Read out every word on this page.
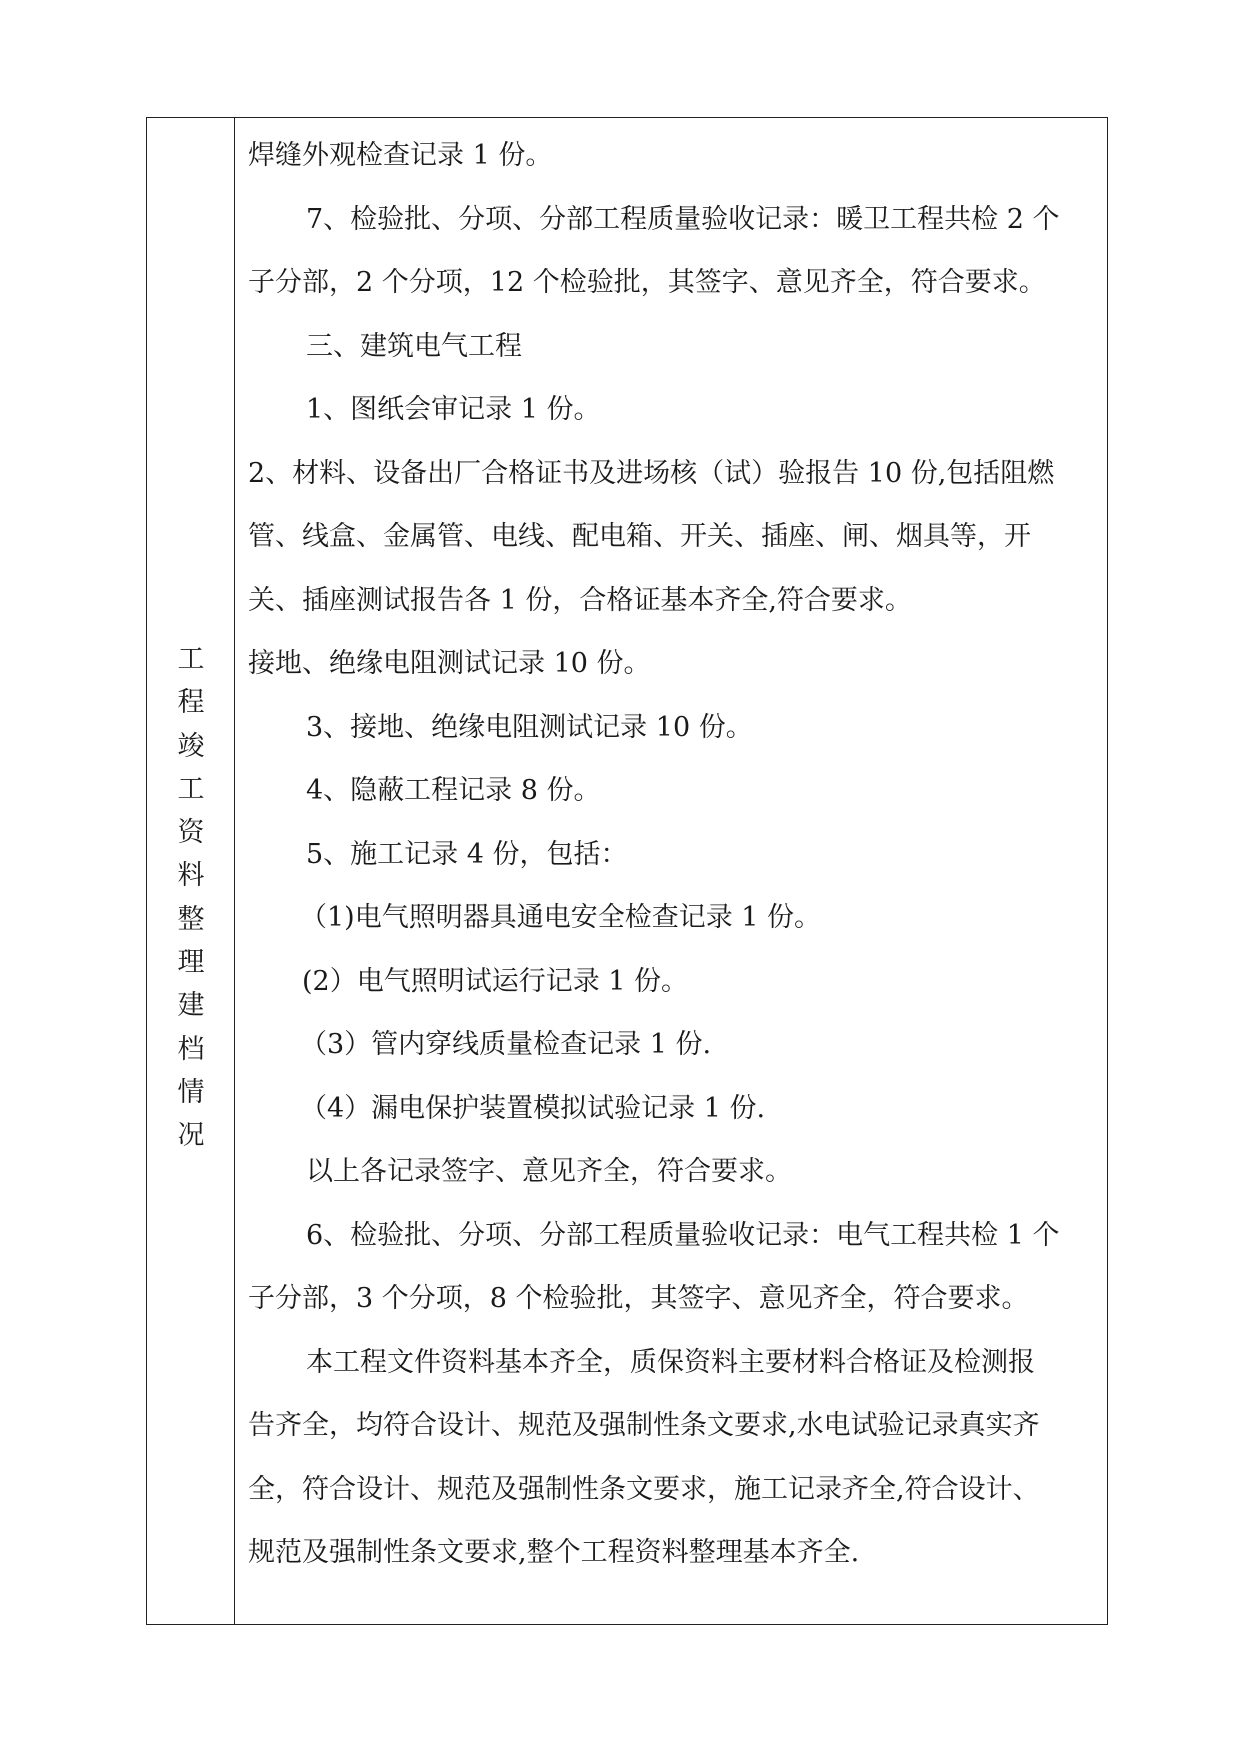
工
程
竣
工
资
料
整
理
建
档
情
况
焊缝外观检查记录 1 份。
7、检验批、分项、分部工程质量验收记录：暖卫工程共检 2 个
子分部，2 个分项，12 个检验批，其签字、意见齐全，符合要求。
三、建筑电气工程
1、图纸会审记录 1 份。
2、材料、设备出厂合格证书及进场核（试）验报告 10 份,包括阻燃
管、线盒、金属管、电线、配电箱、开关、插座、闸、烟具等，开
关、插座测试报告各 1 份，合格证基本齐全,符合要求。
接地、绝缘电阻测试记录 10 份。
3、接地、绝缘电阻测试记录 10 份。
4、隐蔽工程记录 8 份。
5、施工记录 4 份，包括：
（1)电气照明器具通电安全检查记录 1 份。
(2）电气照明试运行记录 1 份。
（3）管内穿线质量检查记录 1 份.
（4）漏电保护装置模拟试验记录 1 份.
以上各记录签字、意见齐全，符合要求。
6、检验批、分项、分部工程质量验收记录：电气工程共检 1 个
子分部，3 个分项，8 个检验批，其签字、意见齐全，符合要求。
本工程文件资料基本齐全，质保资料主要材料合格证及检测报
告齐全，均符合设计、规范及强制性条文要求,水电试验记录真实齐
全，符合设计、规范及强制性条文要求，施工记录齐全,符合设计、
规范及强制性条文要求,整个工程资料整理基本齐全.
